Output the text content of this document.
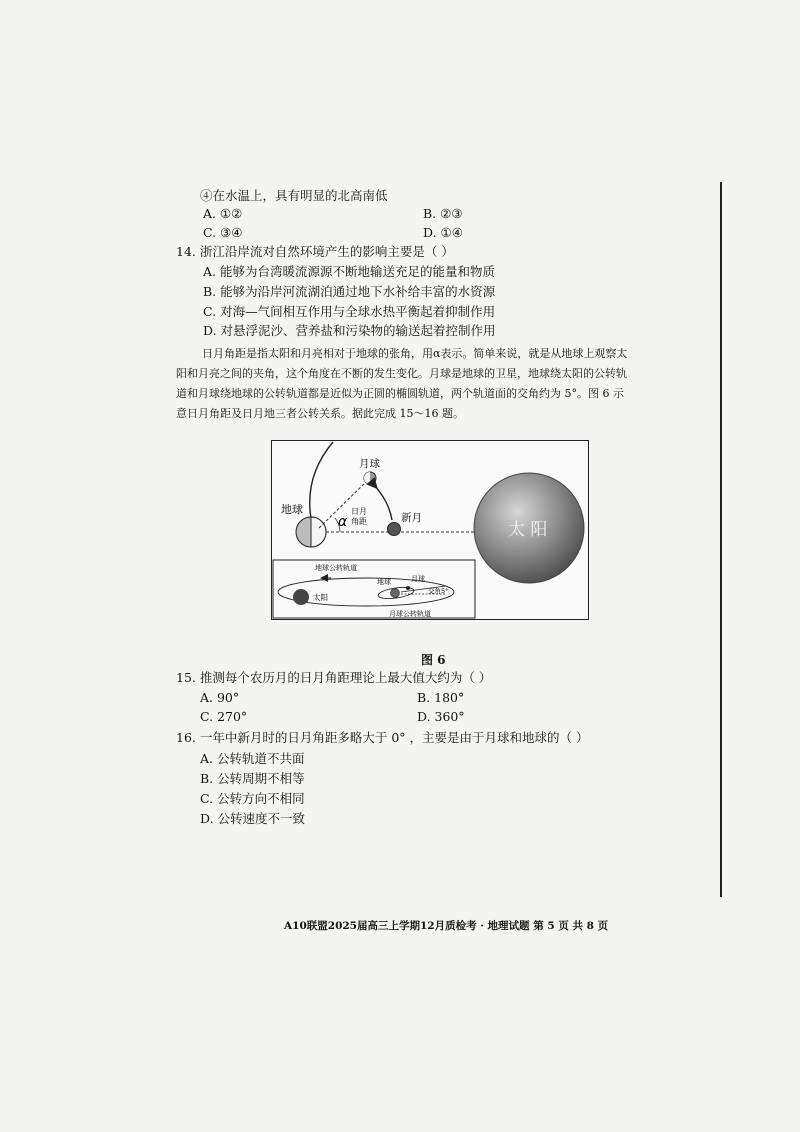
④在水温上，具有明显的北高南低
A. ①②	B. ②③
C. ③④	D. ①④
14. 浙江沿岸流对自然环境产生的影响主要是（ ）
A. 能够为台湾暖流源源不断地输送充足的能量和物质
B. 能够为沿岸河流湖泊通过地下水补给丰富的水资源
C. 对海—气间相互作用与全球水热平衡起着抑制作用
D. 对悬浮泥沙、营养盐和污染物的输送起着控制作用
日月角距是指太阳和月亮相对于地球的张角，用α表示。简单来说，就是从地球上观察太
阳和月亮之间的夹角，这个角度在不断的发生变化。月球是地球的卫星，地球绕太阳的公转轨
道和月球绕地球的公转轨道都是近似为正圆的椭圆轨道，两个轨道面的交角约为 5°。图 6 示
意日月角距及日月地三者公转关系。据此完成 15～16 题。
地球
月球
新月
α
日月
角距	太 阳
地球公转轨道
太阳
地球	月球
交角5°
月球公转轨道
图 6
15. 推测每个农历月的日月角距理论上最大值大约为（ ）
A. 90°	B. 180°
C. 270°	D. 360°
16. 一年中新月时的日月角距多略大于 0° ，主要是由于月球和地球的（ ）
A. 公转轨道不共面
B. 公转周期不相等
C. 公转方向不相同
D. 公转速度不一致
A10联盟2025届高三上学期12月质检考 · 地理试题 第 5 页 共 8 页
